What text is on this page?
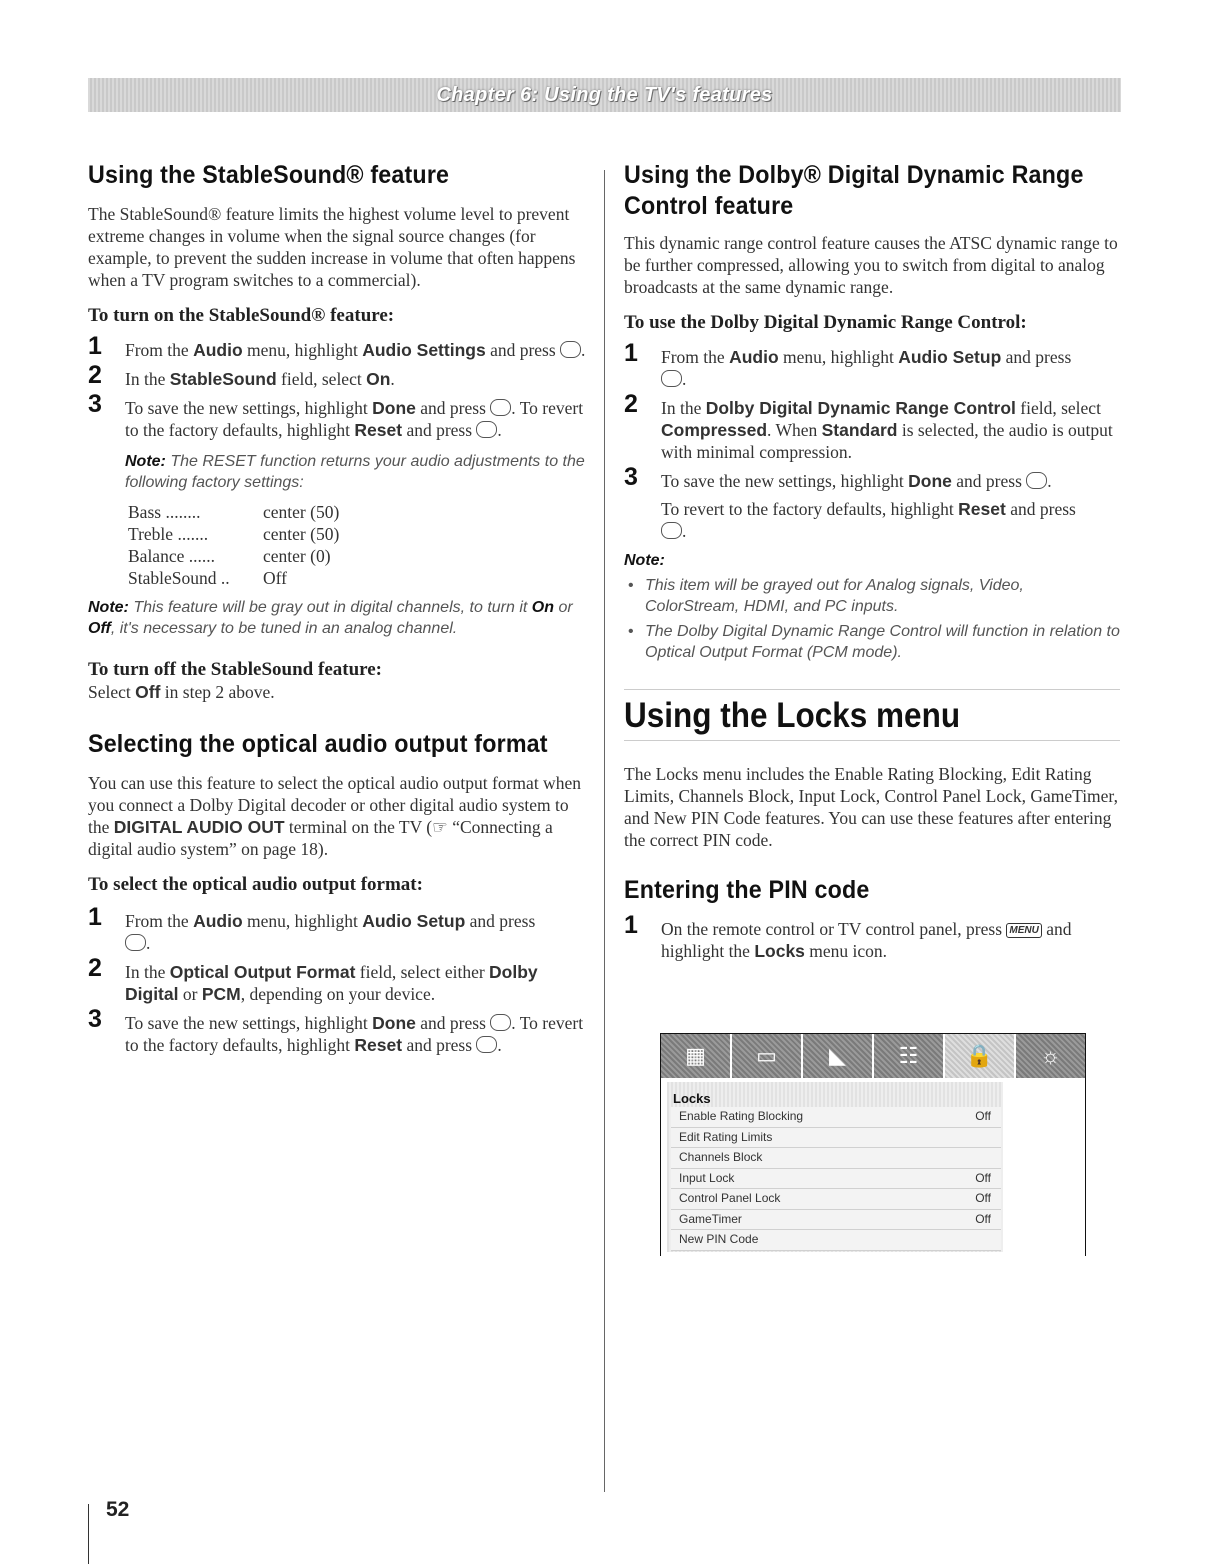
Chapter 6: Using the TV's features
52
Using the StableSound® feature

The StableSound® feature limits the highest volume level to prevent extreme changes in volume when the signal source changes (for example, to prevent the sudden increase in volume that often happens when a TV program switches to a commercial).

To turn on the StableSound® feature:
1 From the Audio menu, highlight Audio Settings and press .
2 In the StableSound field, select On.
3 To save the new settings, highlight Done and press . To revert to the factory defaults, highlight Reset and press .
Note: The RESET function returns your audio adjustments to the following factory settings:
Bass ........	center (50)
Treble .......	center (50)
Balance ......	center (0)
StableSound ..	Off
Note: This feature will be gray out in digital channels, to turn it On or Off, it's necessary to be tuned in an analog channel.
To turn off the StableSound feature:

Select Off in step 2 above.

Selecting the optical audio output format

You can use this feature to select the optical audio output format when you connect a Dolby Digital decoder or other digital audio system to the DIGITAL AUDIO OUT terminal on the TV (☞ “Connecting a digital audio system” on page 18).

To select the optical audio output format:
1 From the Audio menu, highlight Audio Setup and press
.
2 In the Optical Output Format field, select either Dolby Digital or PCM, depending on your device.
3 To save the new settings, highlight Done and press . To revert to the factory defaults, highlight Reset and press .
Using the Dolby® Digital Dynamic Range
Control feature

This dynamic range control feature causes the ATSC dynamic range to be further compressed, allowing you to switch from digital to analog broadcasts at the same dynamic range.

To use the Dolby Digital Dynamic Range Control:
1 From the Audio menu, highlight Audio Setup and press
.
2 In the Dolby Digital Dynamic Range Control field, select Compressed. When Standard is selected, the audio is output with minimal compression.
3 To save the new settings, highlight Done and press .
To revert to the factory defaults, highlight Reset and press
.
Note:
• This item will be grayed out for Analog signals, Video, ColorStream, HDMI, and PC inputs.
• The Dolby Digital Dynamic Range Control will function in relation to Optical Output Format (PCM mode).
Using the Locks menu

The Locks menu includes the Enable Rating Blocking, Edit Rating Limits, Channels Block, Input Lock, Control Panel Lock, GameTimer, and New PIN Code features. You can use these features after entering the correct PIN code.

Entering the PIN code
1 On the remote control or TV control panel, press MENU and highlight the Locks menu icon.
▦	▭	◣	☷	🔒	☼
Locks
Enable Rating Blocking	Off
Edit Rating Limits
Channels Block
Input Lock	Off
Control Panel Lock	Off
GameTimer	Off
New PIN Code
